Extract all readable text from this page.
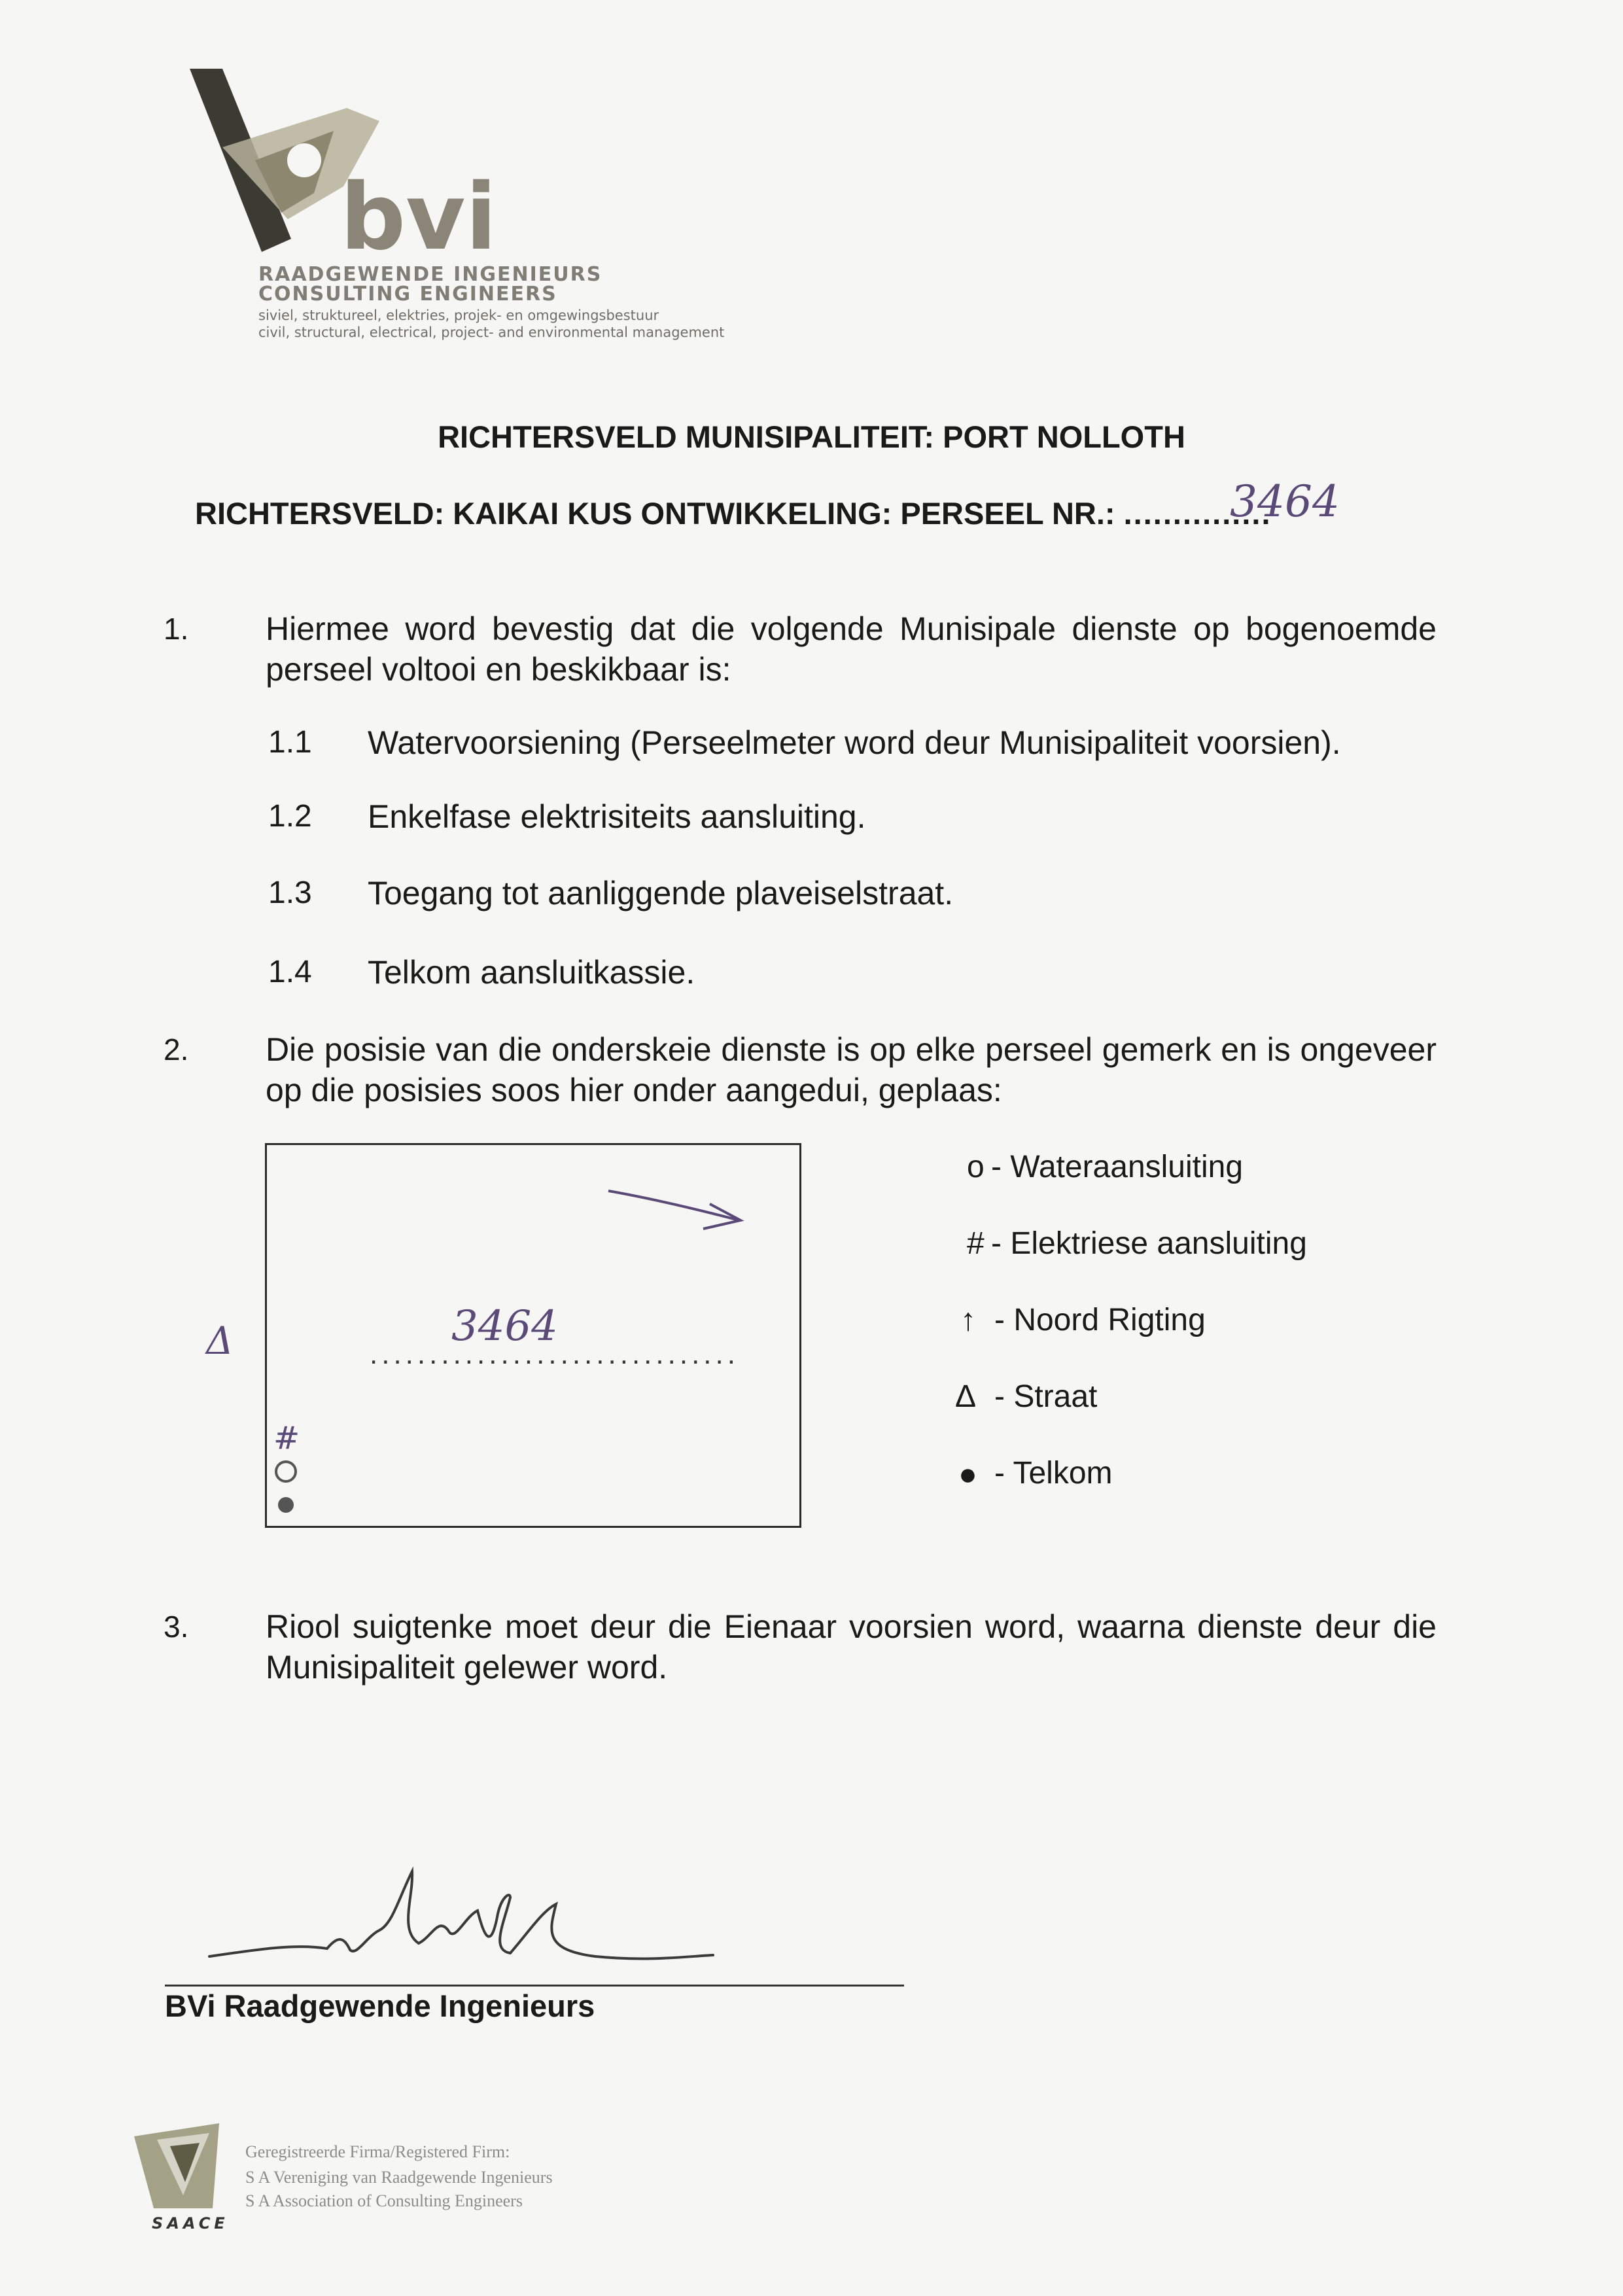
bvi
RAADGEWENDE INGENIEURS
CONSULTING ENGINEERS
siviel, struktureel, elektries, projek- en omgewingsbestuur
civil, structural, electrical, project- and environmental management
RICHTERSVELD MUNISIPALITEIT: PORT NOLLOTH
RICHTERSVELD: KAIKAI KUS ONTWIKKELING: PERSEEL NR.: ...............
3464
1. Hiermee word bevestig dat die volgende Munisipale dienste op bogenoemde perseel voltooi en beskikbaar is:
1.1 Watervoorsiening (Perseelmeter word deur Munisipaliteit voorsien).
1.2 Enkelfase elektrisiteits aansluiting.
1.3 Toegang tot aanliggende plaveiselstraat.
1.4 Telkom aansluitkassie.
2. Die posisie van die onderskeie dienste is op elke perseel gemerk en is ongeveer op die posisies soos hier onder aangedui, geplaas:
3464
...............................
Δ
#
o - Wateraansluiting
# - Elektriese aansluiting
↑ - Noord Rigting
Δ - Straat
● - Telkom
3. Riool suigtenke moet deur die Eienaar voorsien word, waarna dienste deur die Munisipaliteit gelewer word.
BVi Raadgewende Ingenieurs
SAACE
Geregistreerde Firma/Registered Firm:
S A Vereniging van Raadgewende Ingenieurs
S A Association of Consulting Engineers
